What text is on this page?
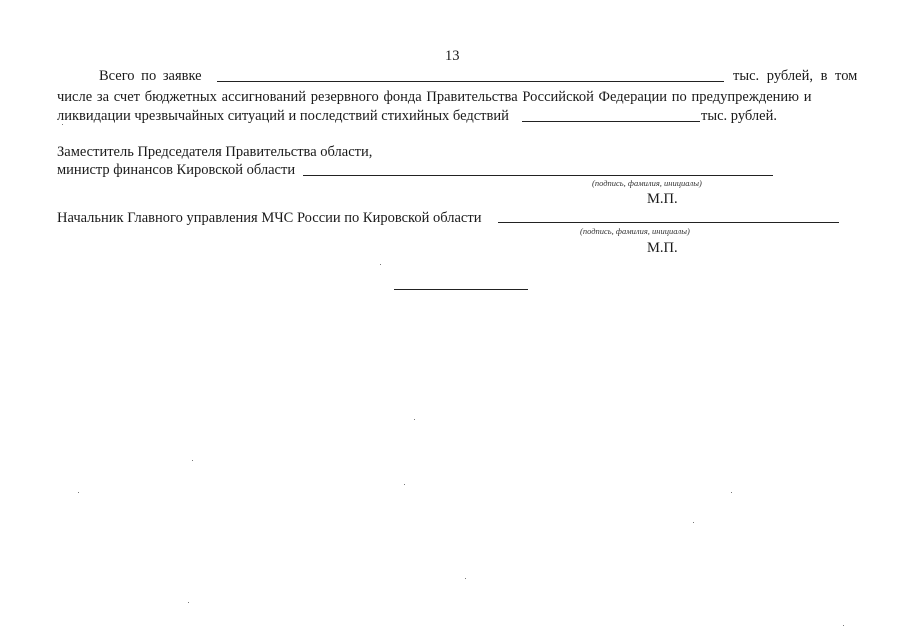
13
Всего по заявке	тыс. рублей, в том
числе за счет бюджетных ассигнований резервного фонда Правительства Российской Федерации по предупреждению и
ликвидации чрезвычайных ситуаций и последствий стихийных бедствий	тыс. рублей.
Заместитель Председателя Правительства области,
министр финансов Кировской области
(подпись, фамилия, инициалы)
М.П.
Начальник Главного управления МЧС России по Кировской области
(подпись, фамилия, инициалы)
М.П.
